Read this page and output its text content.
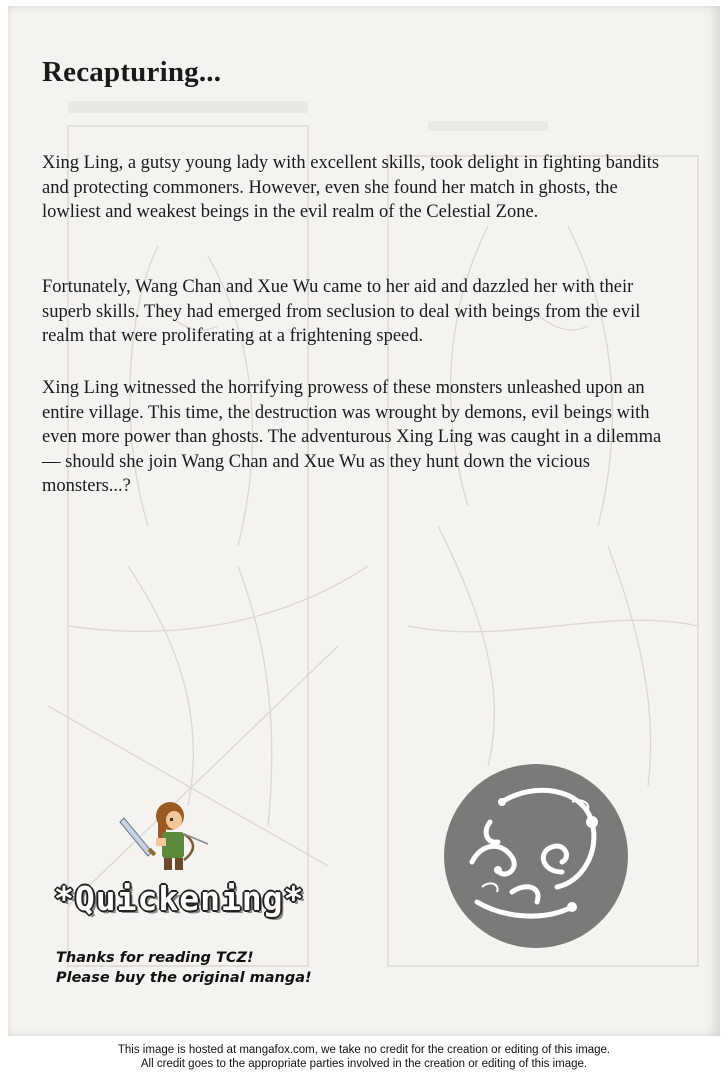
Recapturing...

Xing Ling, a gutsy young lady with excellent skills, took delight in fighting bandits and protecting commoners. However, even she found her match in ghosts, the lowliest and weakest beings in the evil realm of the Celestial Zone.

Fortunately, Wang Chan and Xue Wu came to her aid and dazzled her with their superb skills. They had emerged from seclusion to deal with beings from the evil realm that were proliferating at a frightening speed.

Xing Ling witnessed the horrifying prowess of these monsters unleashed upon an entire village. This time, the destruction was wrought by demons, evil beings with even more power than ghosts. The adventurous Xing Ling was caught in a dilemma — should she join Wang Chan and Xue Wu as they hunt down the vicious monsters...?

*Quickening*
Thanks for reading TCZ!
Please buy the original manga!
This image is hosted at mangafox.com, we take no credit for the creation or editing of this image.
All credit goes to the appropriate parties involved in the creation or editing of this image.
